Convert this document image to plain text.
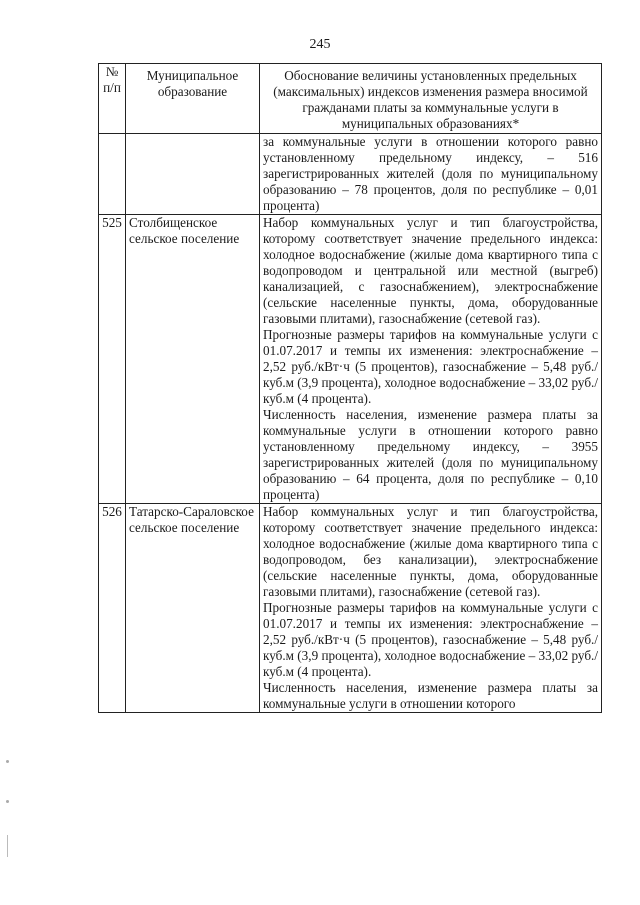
245
№ п/п	Муниципальное образование	Обоснование величины установленных предельных (максимальных) индексов изменения размера вносимой гражданами платы за коммунальные услуги в муниципальных образованиях*

		за коммунальные услуги в отношении которого равно установленному предельному индексу, – 516 зарегистрированных жителей (доля по муниципальному образованию – 78 процентов, доля по республике – 0,01 процента)

525	Столбищенское сельское поселение	Набор коммунальных услуг и тип благоустройства, которому соответствует значение предельного индекса: холодное водоснабжение (жилые дома квартирного типа с водопроводом и центральной или местной (выгреб) канализацией, с газоснабжением), электроснабжение (сельские населенные пункты, дома, оборудованные газовыми плитами), газоснабжение (сетевой газ).

Прогнозные размеры тарифов на коммунальные услуги с 01.07.2017 и темпы их изменения: электроснабжение – 2,52 руб./кВт·ч (5 процентов), газоснабжение – 5,48 руб./куб.м (3,9 процента), холодное водоснабжение – 33,02 руб./куб.м (4 процента).

Численность населения, изменение размера платы за коммунальные услуги в отношении которого равно установленному предельному индексу, – 3955 зарегистрированных жителей (доля по муниципальному образованию – 64 процента, доля по республике – 0,10 процента)

526	Татарско-Сараловское сельское поселение	Набор коммунальных услуг и тип благоустройства, которому соответствует значение предельного индекса: холодное водоснабжение (жилые дома квартирного типа с водопроводом, без канализации), электроснабжение (сельские населенные пункты, дома, оборудованные газовыми плитами), газоснабжение (сетевой газ).

Прогнозные размеры тарифов на коммунальные услуги с 01.07.2017 и темпы их изменения: электроснабжение – 2,52 руб./кВт·ч (5 процентов), газоснабжение – 5,48 руб./куб.м (3,9 процента), холодное водоснабжение – 33,02 руб./куб.м (4 процента).

Численность населения, изменение размера платы за коммунальные услуги в отношении которого
